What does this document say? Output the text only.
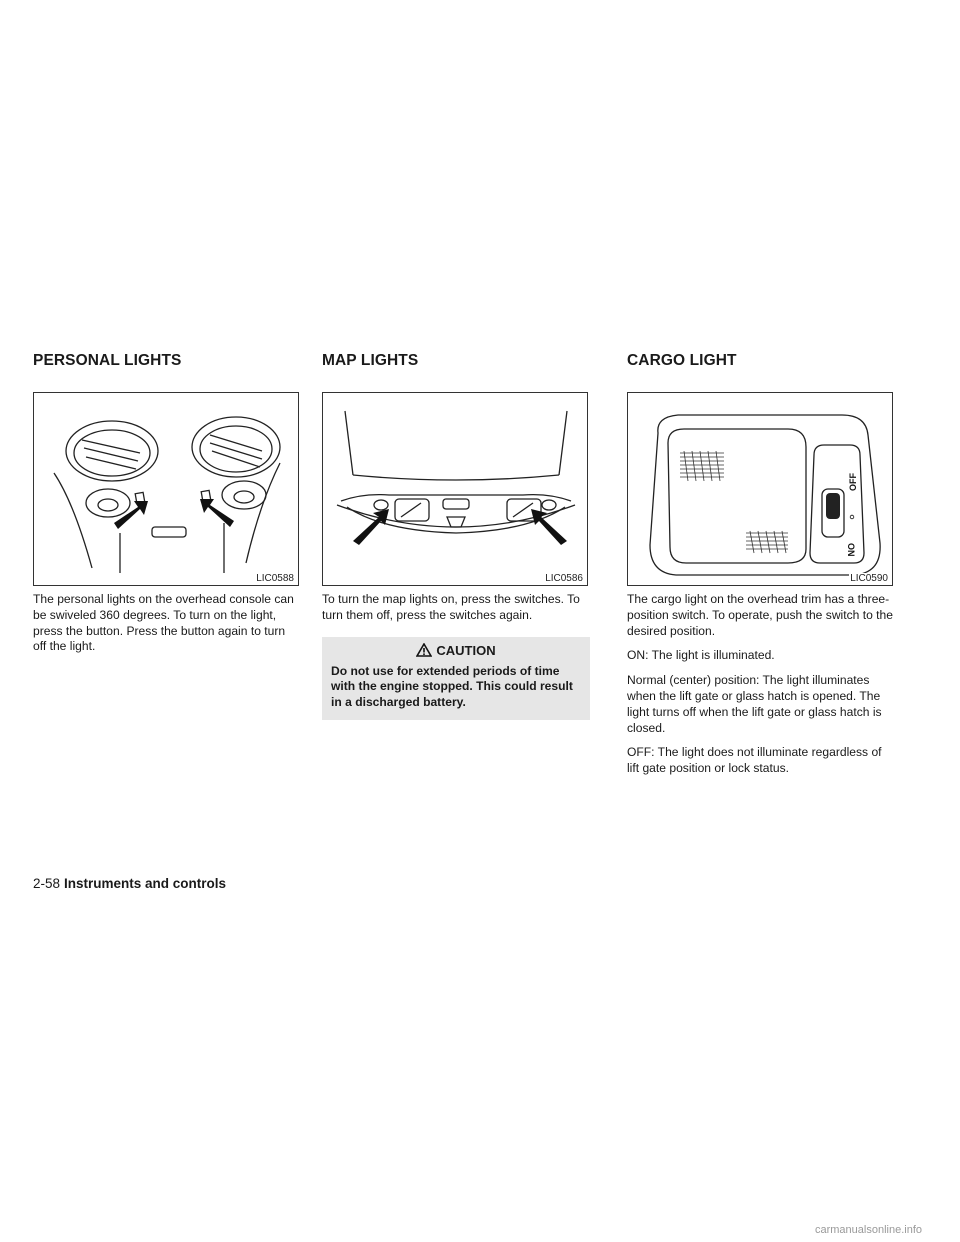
PERSONAL LIGHTS
LIC0588

The personal lights on the overhead console can be swiveled 360 degrees. To turn on the light, press the button. Press the button again to turn off the light.

MAP LIGHTS
LIC0586

To turn the map lights on, press the switches. To turn them off, press the switches again.

CAUTION
Do not use for extended periods of time with the engine stopped. This could result in a discharged battery.
CARGO LIGHT
OFF
ON
LIC0590

The cargo light on the overhead trim has a three-position switch. To operate, push the switch to the desired position.

ON: The light is illuminated.

Normal (center) position: The light illuminates when the lift gate or glass hatch is opened. The light turns off when the lift gate or glass hatch is closed.

OFF: The light does not illuminate regardless of lift gate position or lock status.

2-58 Instruments and controls
carmanualsonline.info
